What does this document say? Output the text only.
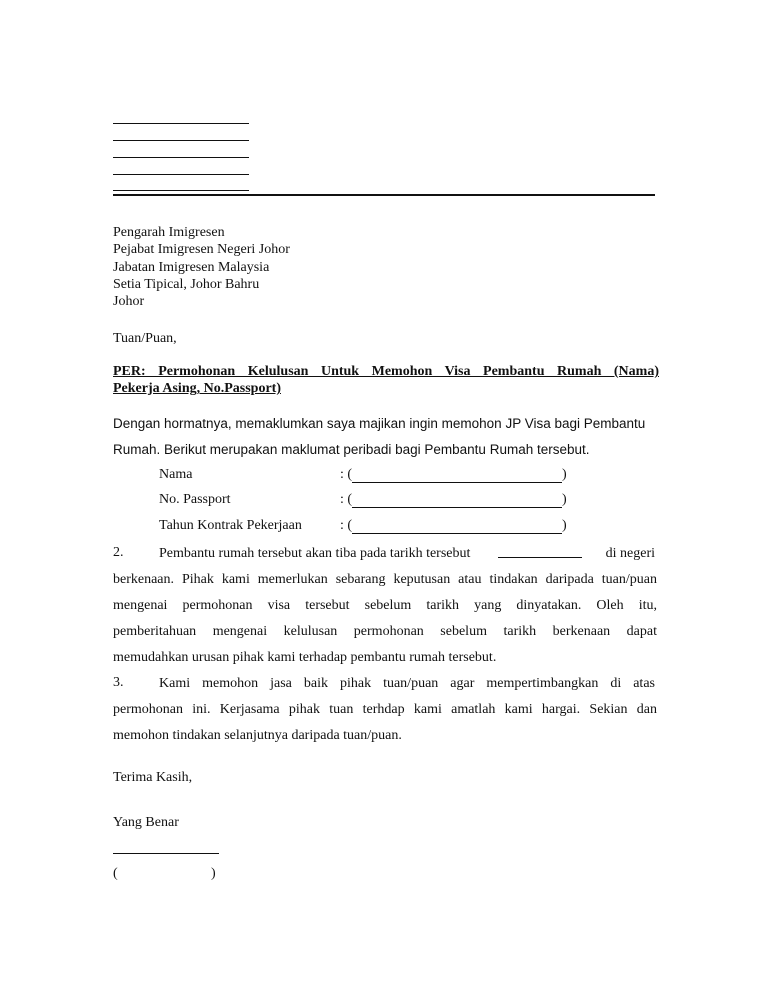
Pengarah Imigresen
Pejabat Imigresen Negeri Johor
Jabatan Imigresen Malaysia
Setia Tipical, Johor Bahru
Johor
Tuan/Puan,
PER: Permohonan Kelulusan Untuk Memohon Visa Pembantu Rumah (Nama)
Pekerja Asing, No.Passport)
Dengan hormatnya, memaklumkan saya majikan ingin memohon JP Visa bagi Pembantu
Rumah. Berikut merupakan maklumat peribadi bagi Pembantu Rumah tersebut.
Nama	: (	)
No. Passport	: (	)
Tahun Kontrak Pekerjaan	: (	)
2.	Pembantu rumah tersebut akan tiba pada tarikh tersebut	di negeri
berkenaan. Pihak kami memerlukan sebarang keputusan atau tindakan daripada tuan/puan
mengenai permohonan visa tersebut sebelum tarikh yang dinyatakan. Oleh itu,
pemberitahuan mengenai kelulusan permohonan sebelum tarikh berkenaan dapat
memudahkan urusan pihak kami terhadap pembantu rumah tersebut.
3.	Kami memohon jasa baik pihak tuan/puan agar mempertimbangkan di atas
permohonan ini. Kerjasama pihak tuan terhdap kami amatlah kami hargai. Sekian dan
memohon tindakan selanjutnya daripada tuan/puan.
Terima Kasih,
Yang Benar
(	)
